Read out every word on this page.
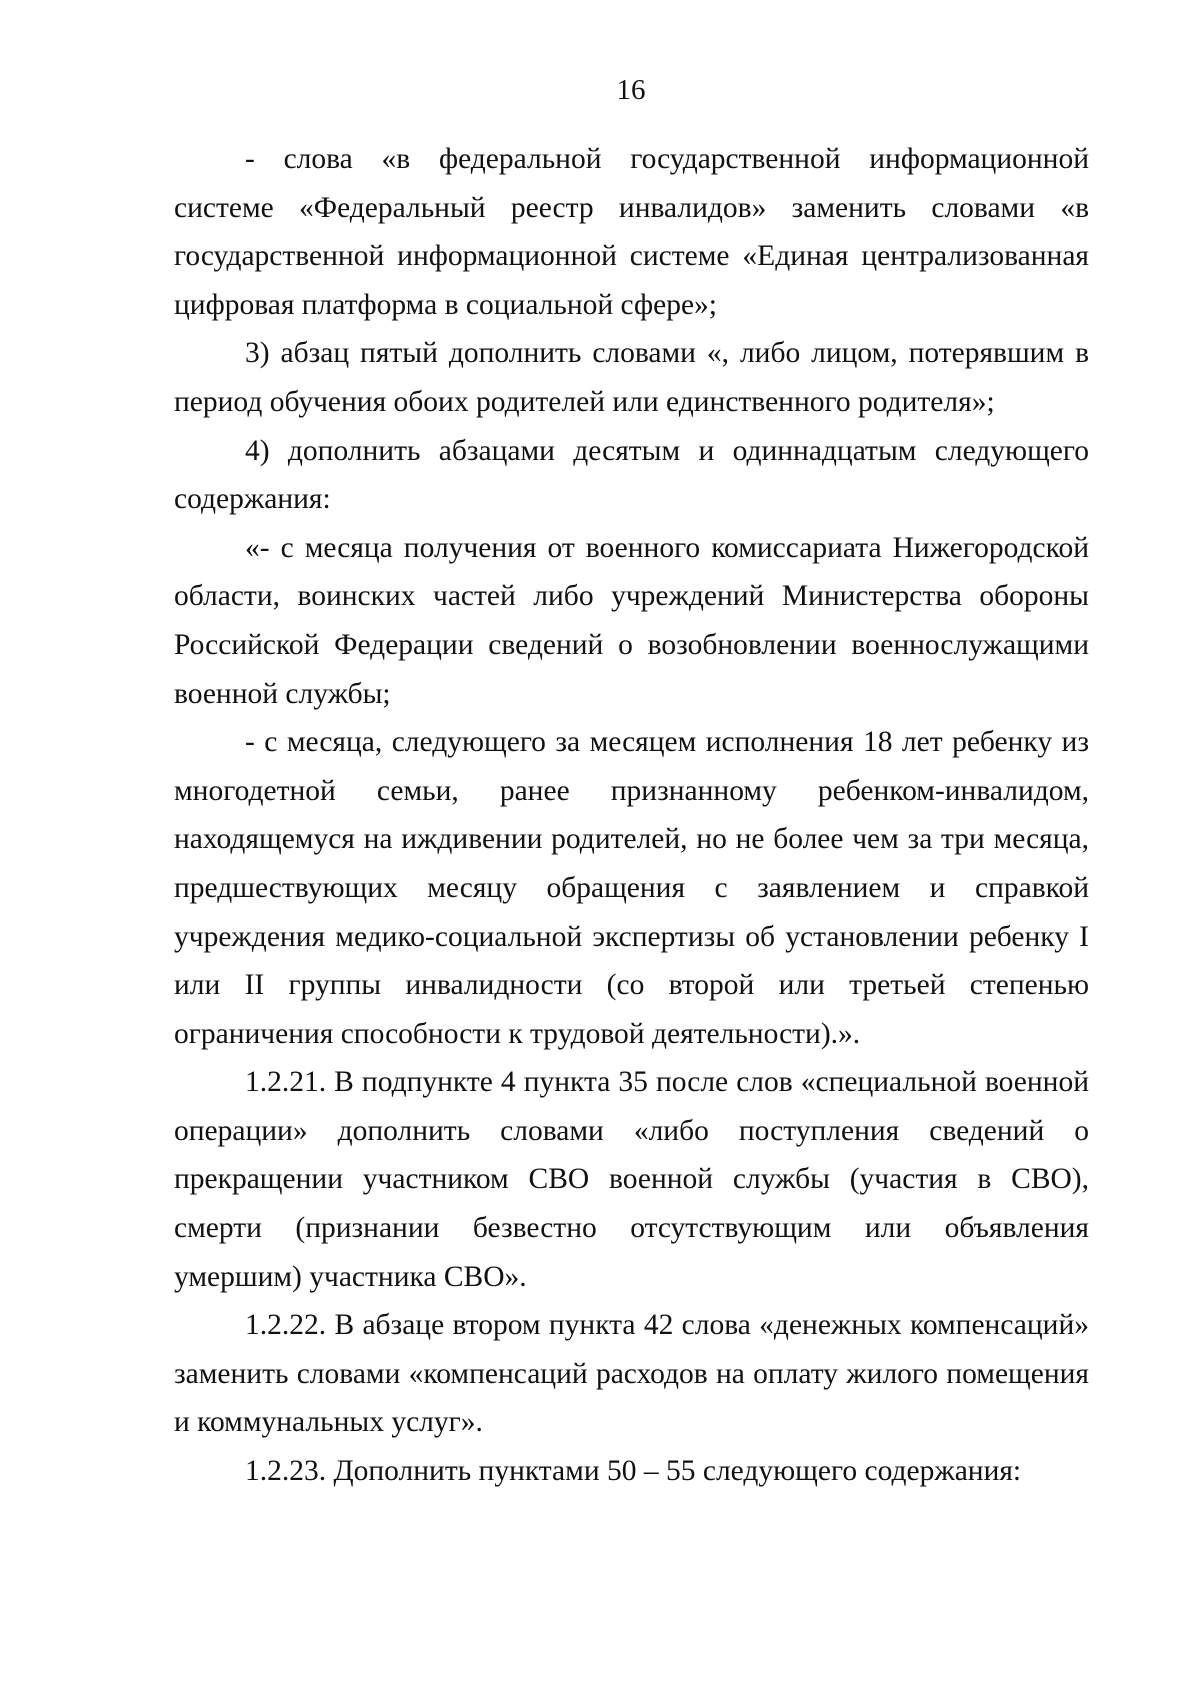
16

- слова «в федеральной государственной информационной системе «Федеральный реестр инвалидов» заменить словами «в государственной информационной системе «Единая централизованная цифровая платформа в социальной сфере»;

3) абзац пятый дополнить словами «, либо лицом, потерявшим в период обучения обоих родителей или единственного родителя»;

4) дополнить абзацами десятым и одиннадцатым следующего содержания:

«- с месяца получения от военного комиссариата Нижегородской области, воинских частей либо учреждений Министерства обороны Российской Федерации сведений о возобновлении военнослужащими военной службы;

- с месяца, следующего за месяцем исполнения 18 лет ребенку из многодетной семьи, ранее признанному ребенком-инвалидом, находящемуся на иждивении родителей, но не более чем за три месяца, предшествующих месяцу обращения с заявлением и справкой учреждения медико-социальной экспертизы об установлении ребенку I или II группы инвалидности (со второй или третьей степенью ограничения способности к трудовой деятельности).».

1.2.21. В подпункте 4 пункта 35 после слов «специальной военной операции» дополнить словами «либо поступления сведений о прекращении участником СВО военной службы (участия в СВО), смерти (признании безвестно отсутствующим или объявления умершим) участника СВО».

1.2.22. В абзаце втором пункта 42 слова «денежных компенсаций» заменить словами «компенсаций расходов на оплату жилого помещения и коммунальных услуг».

1.2.23. Дополнить пунктами 50 – 55 следующего содержания:
